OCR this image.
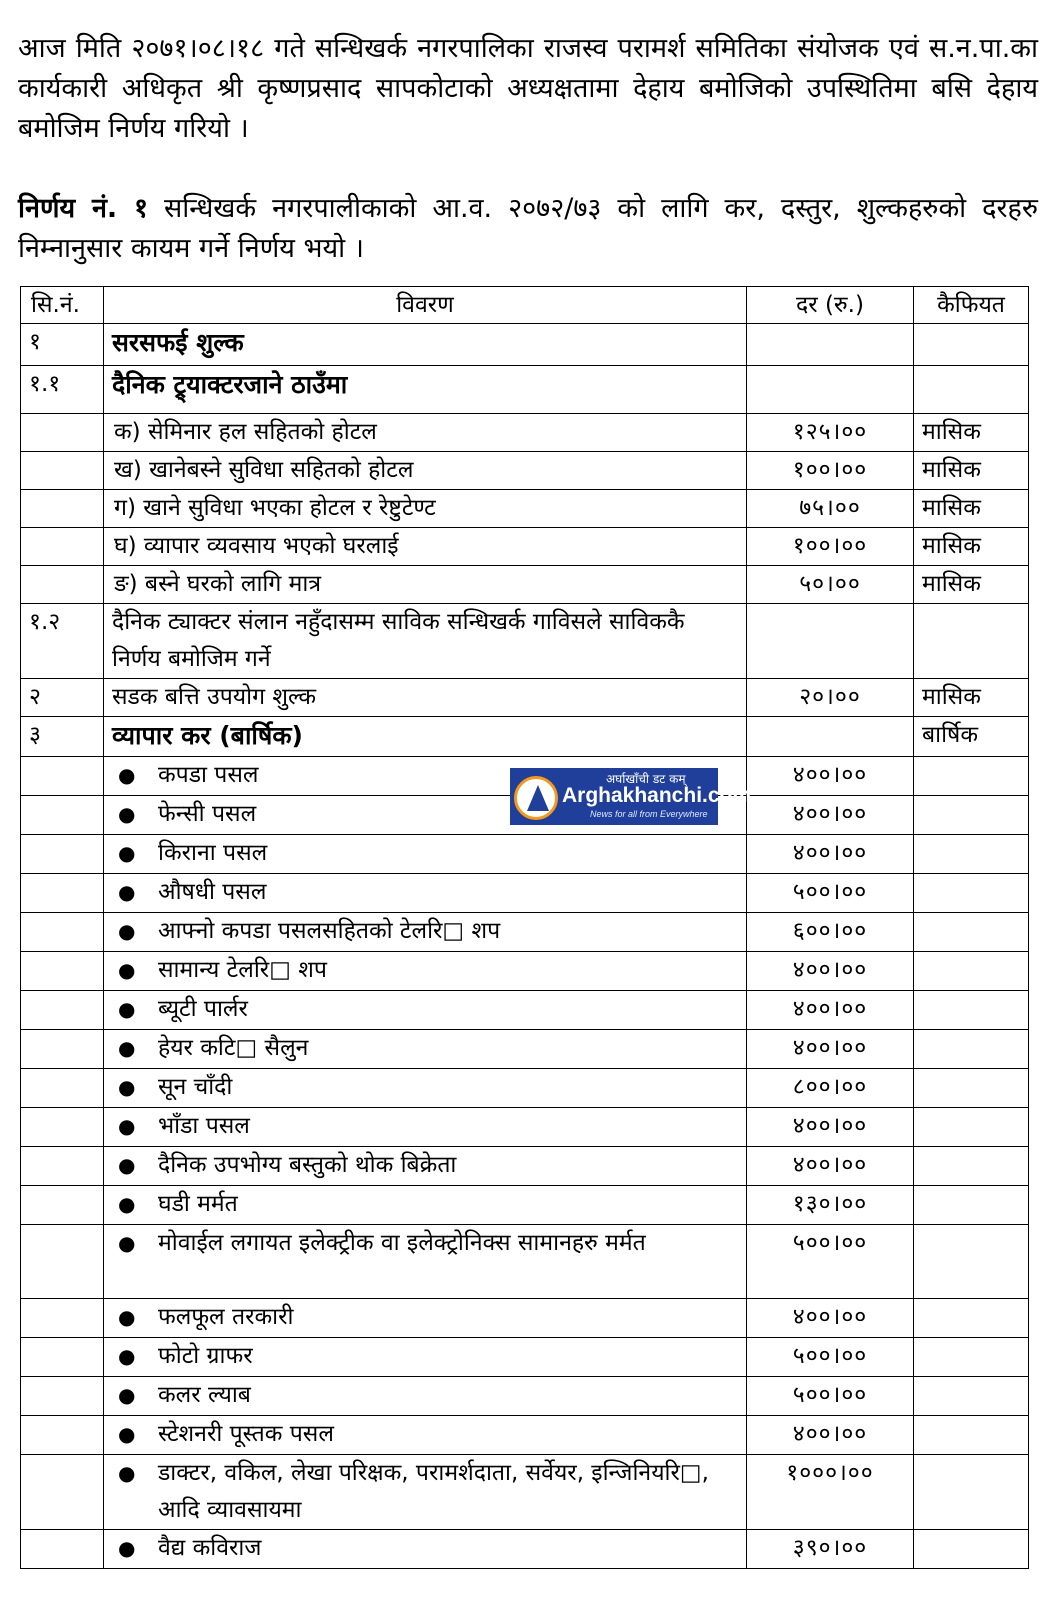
आज मिति २०७१।०८।१८ गते सन्धिखर्क नगरपालिका राजस्व परामर्श समितिका संयोजक एवं स.न.पा.का कार्यकारी अधिकृत श्री कृष्णप्रसाद सापकोटाको अध्यक्षतामा देहाय बमोजिको उपस्थितिमा बसि देहाय बमोजिम निर्णय गरियो ।

निर्णय नं. १ सन्धिखर्क नगरपालीकाको आ.व. २०७२/७३ को लागि कर, दस्तुर, शुल्कहरुको दरहरु निम्नानुसार कायम गर्ने निर्णय भयो ।

सि.नं.	विवरण	दर (रु.)	कैफियत
१	सरसफई शुल्क		
१.१	दैनिक ट्र्याक्टरजाने ठाउँमा		
	क) सेमिनार हल सहितको होटल	१२५।००	मासिक
	ख) खानेबस्ने सुविधा सहितको होटल	१००।००	मासिक
	ग) खाने सुविधा भएका होटल र रेष्टुटेण्ट	७५।००	मासिक
	घ) व्यापार व्यवसाय भएको घरलाई	१००।००	मासिक
	ङ) बस्ने घरको लागि मात्र	५०।००	मासिक
१.२	दैनिक ट्याक्टर संलान नहुँदासम्म साविक सन्धिखर्क गाविसले साविककै निर्णय बमोजिम गर्ने		
२	सडक बत्ति उपयोग शुल्क	२०।००	मासिक
३	व्यापार कर (बार्षिक)		बार्षिक
	● कपडा पसल	४००।००	
	● फेन्सी पसल	४००।००	
	● किराना पसल	४००।००	
	● औषधी पसल	५००।००	
	● आफ्नो कपडा पसलसहितको टेलरि□ शप	६००।००	
	● सामान्य टेलरि□ शप	४००।००	
	● ब्यूटी पार्लर	४००।००	
	● हेयर कटि□ सैलुन	४००।००	
	● सून चाँदी	८००।००	
	● भाँडा पसल	४००।००	
	● दैनिक उपभोग्य बस्तुको थोक बिक्रेता	४००।००	
	● घडी मर्मत	१३०।००	
	● मोवाईल लगायत इलेक्ट्रीक वा इलेक्ट्रोनिक्स सामानहरु मर्मत	५००।००	
	● फलफूल तरकारी	४००।००	
	● फोटो ग्राफर	५००।००	
	● कलर ल्याब	५००।००	
	● स्टेशनरी पूस्तक पसल	४००।००	
	● डाक्टर, वकिल, लेखा परिक्षक, परामर्शदाता, सर्वेयर, इन्जिनियरि□, आदि व्यावसायमा	१०००।००	
	● वैद्य कविराज	३९०।००	
अर्घाखाँची डट कम्
Arghakhanchi.com
News for all from Everywhere
